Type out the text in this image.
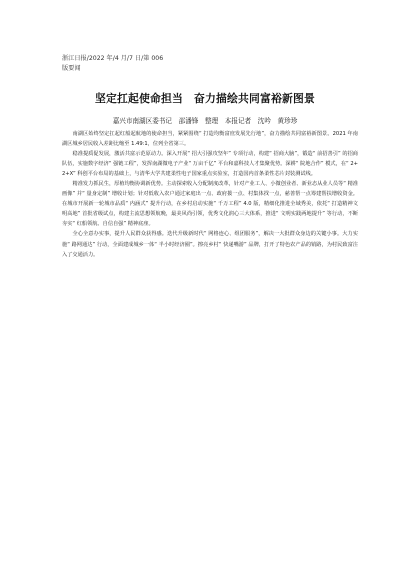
浙江日报/2022 年/4 月/7 日/第 006
版要闻
坚定扛起使命担当　奋力描绘共同富裕新图景
嘉兴市南湖区委书记　邵潘锋　整理　本报记者　沈吟　黄珍珍

南湖区始终坚定扛起红船起航地的使命担当，紧紧围绕“ 打造均衡富庶发展先行地”，奋力描绘共同富裕新图景。2021 年南湖区城乡居民收入差距比缩至 1.49:1，位列全省第三。

稳准提质促发展，激活共富示范原动力。深入开展“ 招大引强攻坚年” 专项行动，构建“ 招商大脑”，锻造“ 前招善引” 的招商队伍，实施数字经济“ 强链工程”，发挥南湖微电子产业“ 万亩千亿” 平台和嘉科技人才集聚优势。深耕“ 院地合作” 模式，在“ 2+2+X” 科创平台布局的基础上，与清华大学共建柔性电子国家重点实验室，打造国内首条柔性芯片封装测试线。

精准发力抓民生，厚植均衡协调新优势。主动探索收入分配制度改革，针对产业工人、小微创业者、新业态从业人员等“ 精准画像” 并“ 量身定制” 增收计划；针对低收入农户通过家庭出一点、政府拨一点、村集体找一点，慈善帮一点筹建帮扶增收资金。在城市开展新一轮城市品质“ 内涵式” 提升行动，在乡村启动实施“ 千万工程” 4.0 版，精细化推进全域秀美，依托“ 打造精神文明高地” 首批省级试点，构建主流思想领航晚，最美风尚引领，优秀文化润心三大体系，推进“ 文明实践两地提升” 等行动，不断夯实“ 红船领航、自信自强” 精神底座。

全心全意办实事，提升人民群众获得感。迭代升级新时代“ 网格连心、组团服务”，解决一大批群众身边的关键小事。大力实施“ 路网通达” 行动，全面建成城乡一体“ 半小时经济圈”。擦亮乡村“ 快递嘴游” 品牌，打开了特色农产品的销路，为村民致富注入了交通活力。
